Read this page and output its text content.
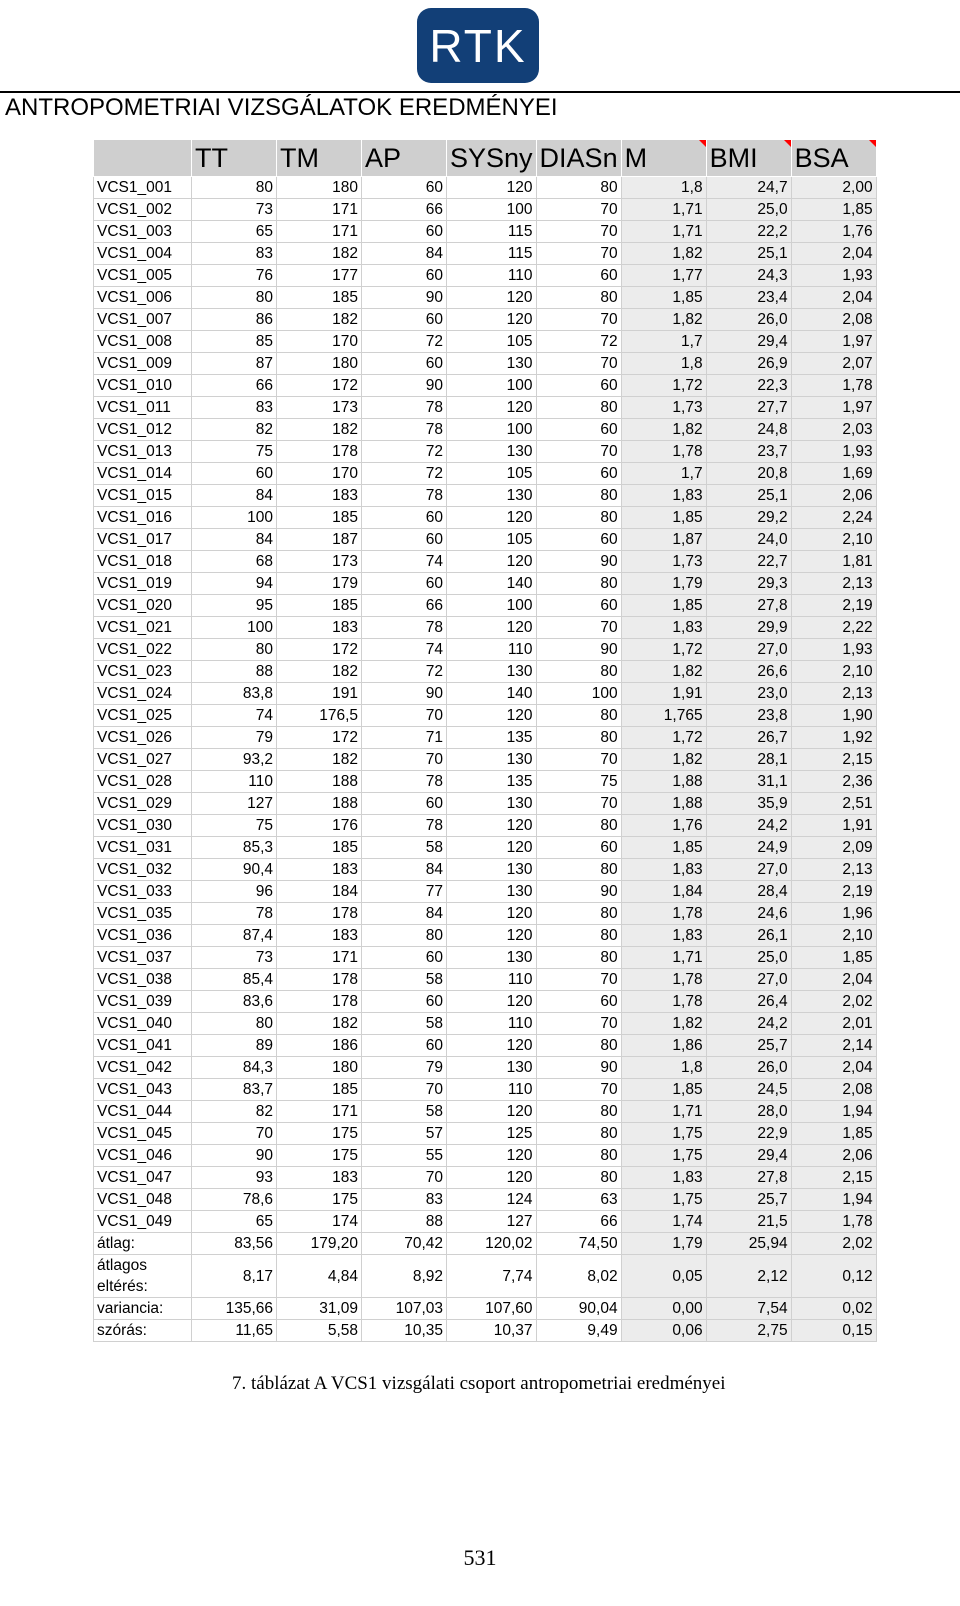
RTK
ANTROPOMETRIAI VIZSGÁLATOK EREDMÉNYEI
	TT	TM	AP	SYSny	DIASn	M	BMI	BSA

VCS1_001	80	180	60	120	80	1,8	24,7	2,00
VCS1_002	73	171	66	100	70	1,71	25,0	1,85
VCS1_003	65	171	60	115	70	1,71	22,2	1,76
VCS1_004	83	182	84	115	70	1,82	25,1	2,04
VCS1_005	76	177	60	110	60	1,77	24,3	1,93
VCS1_006	80	185	90	120	80	1,85	23,4	2,04
VCS1_007	86	182	60	120	70	1,82	26,0	2,08
VCS1_008	85	170	72	105	72	1,7	29,4	1,97
VCS1_009	87	180	60	130	70	1,8	26,9	2,07
VCS1_010	66	172	90	100	60	1,72	22,3	1,78
VCS1_011	83	173	78	120	80	1,73	27,7	1,97
VCS1_012	82	182	78	100	60	1,82	24,8	2,03
VCS1_013	75	178	72	130	70	1,78	23,7	1,93
VCS1_014	60	170	72	105	60	1,7	20,8	1,69
VCS1_015	84	183	78	130	80	1,83	25,1	2,06
VCS1_016	100	185	60	120	80	1,85	29,2	2,24
VCS1_017	84	187	60	105	60	1,87	24,0	2,10
VCS1_018	68	173	74	120	90	1,73	22,7	1,81
VCS1_019	94	179	60	140	80	1,79	29,3	2,13
VCS1_020	95	185	66	100	60	1,85	27,8	2,19
VCS1_021	100	183	78	120	70	1,83	29,9	2,22
VCS1_022	80	172	74	110	90	1,72	27,0	1,93
VCS1_023	88	182	72	130	80	1,82	26,6	2,10
VCS1_024	83,8	191	90	140	100	1,91	23,0	2,13
VCS1_025	74	176,5	70	120	80	1,765	23,8	1,90
VCS1_026	79	172	71	135	80	1,72	26,7	1,92
VCS1_027	93,2	182	70	130	70	1,82	28,1	2,15
VCS1_028	110	188	78	135	75	1,88	31,1	2,36
VCS1_029	127	188	60	130	70	1,88	35,9	2,51
VCS1_030	75	176	78	120	80	1,76	24,2	1,91
VCS1_031	85,3	185	58	120	60	1,85	24,9	2,09
VCS1_032	90,4	183	84	130	80	1,83	27,0	2,13
VCS1_033	96	184	77	130	90	1,84	28,4	2,19
VCS1_035	78	178	84	120	80	1,78	24,6	1,96
VCS1_036	87,4	183	80	120	80	1,83	26,1	2,10
VCS1_037	73	171	60	130	80	1,71	25,0	1,85
VCS1_038	85,4	178	58	110	70	1,78	27,0	2,04
VCS1_039	83,6	178	60	120	60	1,78	26,4	2,02
VCS1_040	80	182	58	110	70	1,82	24,2	2,01
VCS1_041	89	186	60	120	80	1,86	25,7	2,14
VCS1_042	84,3	180	79	130	90	1,8	26,0	2,04
VCS1_043	83,7	185	70	110	70	1,85	24,5	2,08
VCS1_044	82	171	58	120	80	1,71	28,0	1,94
VCS1_045	70	175	57	125	80	1,75	22,9	1,85
VCS1_046	90	175	55	120	80	1,75	29,4	2,06
VCS1_047	93	183	70	120	80	1,83	27,8	2,15
VCS1_048	78,6	175	83	124	63	1,75	25,7	1,94
VCS1_049	65	174	88	127	66	1,74	21,5	1,78
átlag:	83,56	179,20	70,42	120,02	74,50	1,79	25,94	2,02
átlagos eltérés:	8,17	4,84	8,92	7,74	8,02	0,05	2,12	0,12
variancia:	135,66	31,09	107,03	107,60	90,04	0,00	7,54	0,02
szórás:	11,65	5,58	10,35	10,37	9,49	0,06	2,75	0,15
7. táblázat A VCS1 vizsgálati csoport antropometriai eredményei
531
